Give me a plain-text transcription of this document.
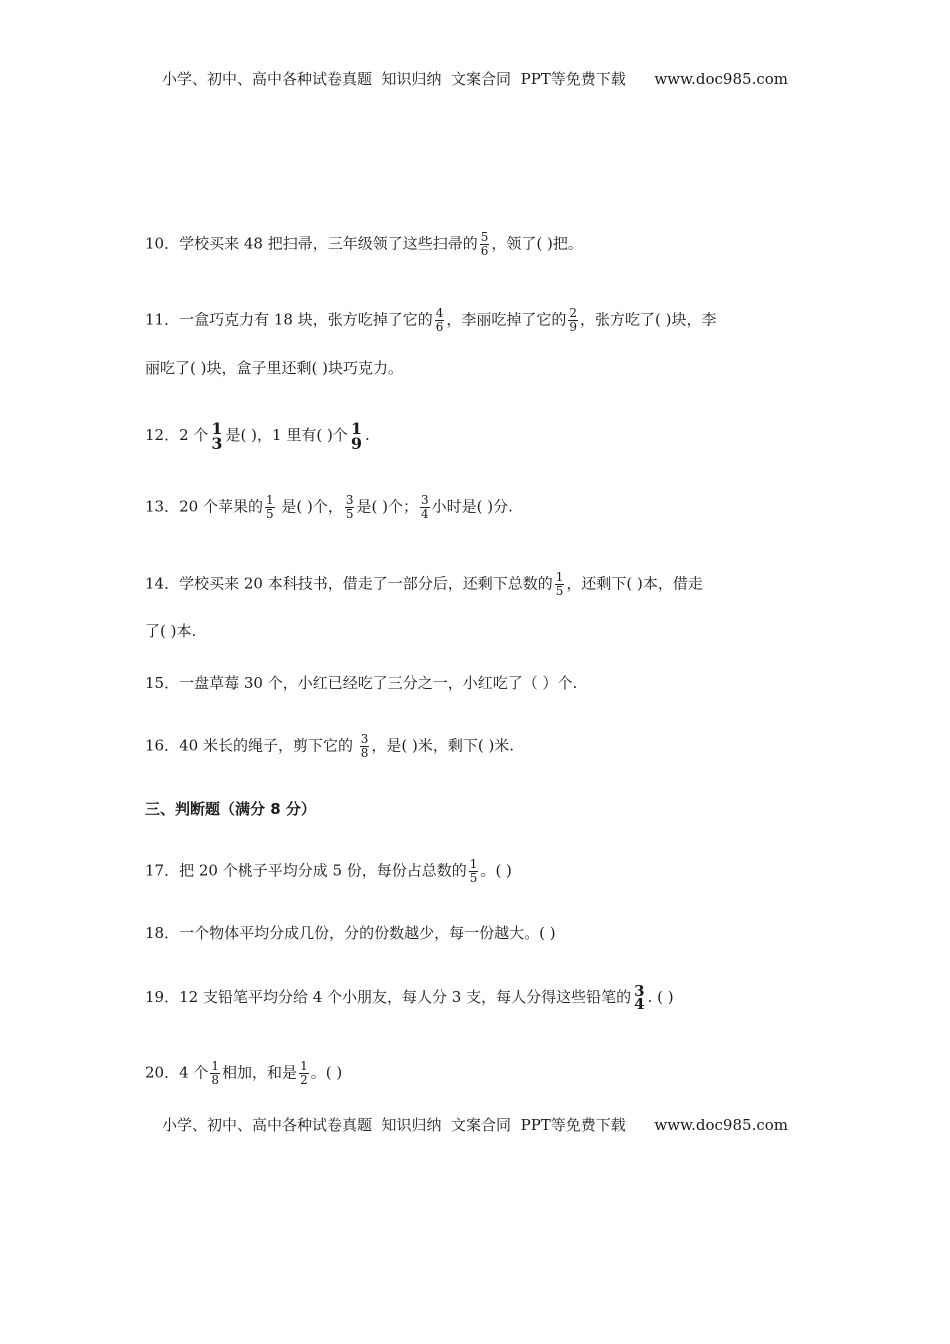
小学、初中、高中各种试卷真题  知识归纳  文案合同  PPT等免费下载      www.doc985.com
10．学校买来 48 把扫帚，三年级领了这些扫帚的 $\frac{5}{6}$ ，领了( )把。
11．一盒巧克力有 18 块，张方吃掉了它的 $\frac{4}{6}$ ，李丽吃掉了它的 $\frac{2}{9}$ ，张方吃了( )块，李
丽吃了( )块，盒子里还剩( )块巧克力。
12．2 个 1
3 是( )，1 里有( )个 1
9 .
13．20 个苹果的 $\frac{1}{5}$ 是( )个， $\frac{3}{5}$ 是( )个； $\frac{3}{4}$ 小时是( )分.
14．学校买来 20 本科技书，借走了一部分后，还剩下总数的 $\frac{1}{5}$ ，还剩下( )本，借走
了( )本.
15．一盘草莓 30 个，小红已经吃了三分之一，小红吃了（ ）个.
16．40 米长的绳子，剪下它的 $\frac{3}{8}$ ，是( )米，剩下( )米.
三、判断题（满分 8 分）
17．把 20 个桃子平均分成 5 份，每份占总数的 $\frac{1}{5}$ 。( )
18．一个物体平均分成几份，分的份数越少，每一份越大。( )
19．12 支铅笔平均分给 4 个小朋友，每人分 3 支，每人分得这些铅笔的 3
4 . ( )
20．4 个 $\frac{1}{8}$ 相加，和是 $\frac{1}{2}$ 。( )
小学、初中、高中各种试卷真题  知识归纳  文案合同  PPT等免费下载      www.doc985.com
